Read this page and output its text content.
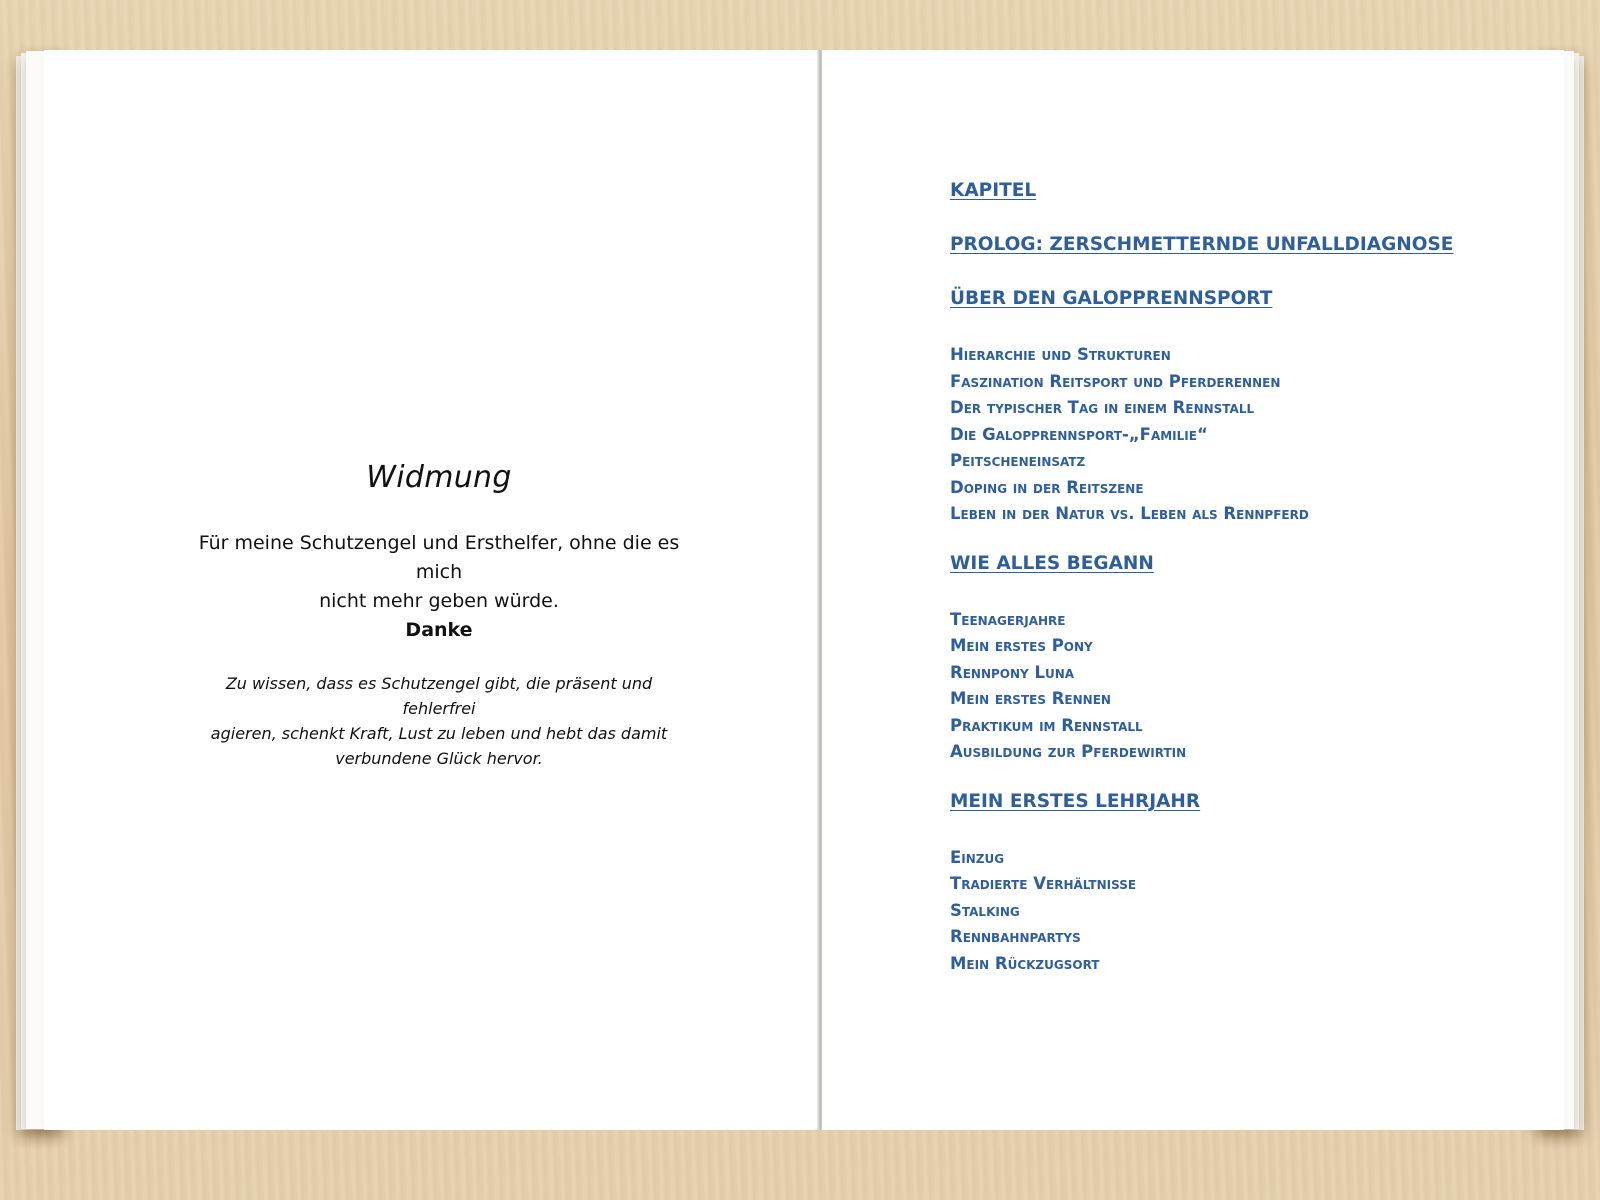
Widmung
Für meine Schutzengel und Ersthelfer, ohne die es mich
nicht mehr geben würde.
Danke
Zu wissen, dass es Schutzengel gibt, die präsent und fehlerfrei
agieren, schenkt Kraft, Lust zu leben und hebt das damit
verbundene Glück hervor.
KAPITEL
PROLOG: ZERSCHMETTERNDE UNFALLDIAGNOSE
ÜBER DEN GALOPPRENNSPORT
Hierarchie und Strukturen
Faszination Reitsport und Pferderennen
Der typischer Tag in einem Rennstall
Die Galopprennsport-„Familie“
Peitscheneinsatz
Doping in der Reitszene
Leben in der Natur vs. Leben als Rennpferd
WIE ALLES BEGANN
Teenagerjahre
Mein erstes Pony
Rennpony Luna
Mein erstes Rennen
Praktikum im Rennstall
Ausbildung zur Pferdewirtin
MEIN ERSTES LEHRJAHR
Einzug
Tradierte Verhältnisse
Stalking
Rennbahnpartys
Mein Rückzugsort
